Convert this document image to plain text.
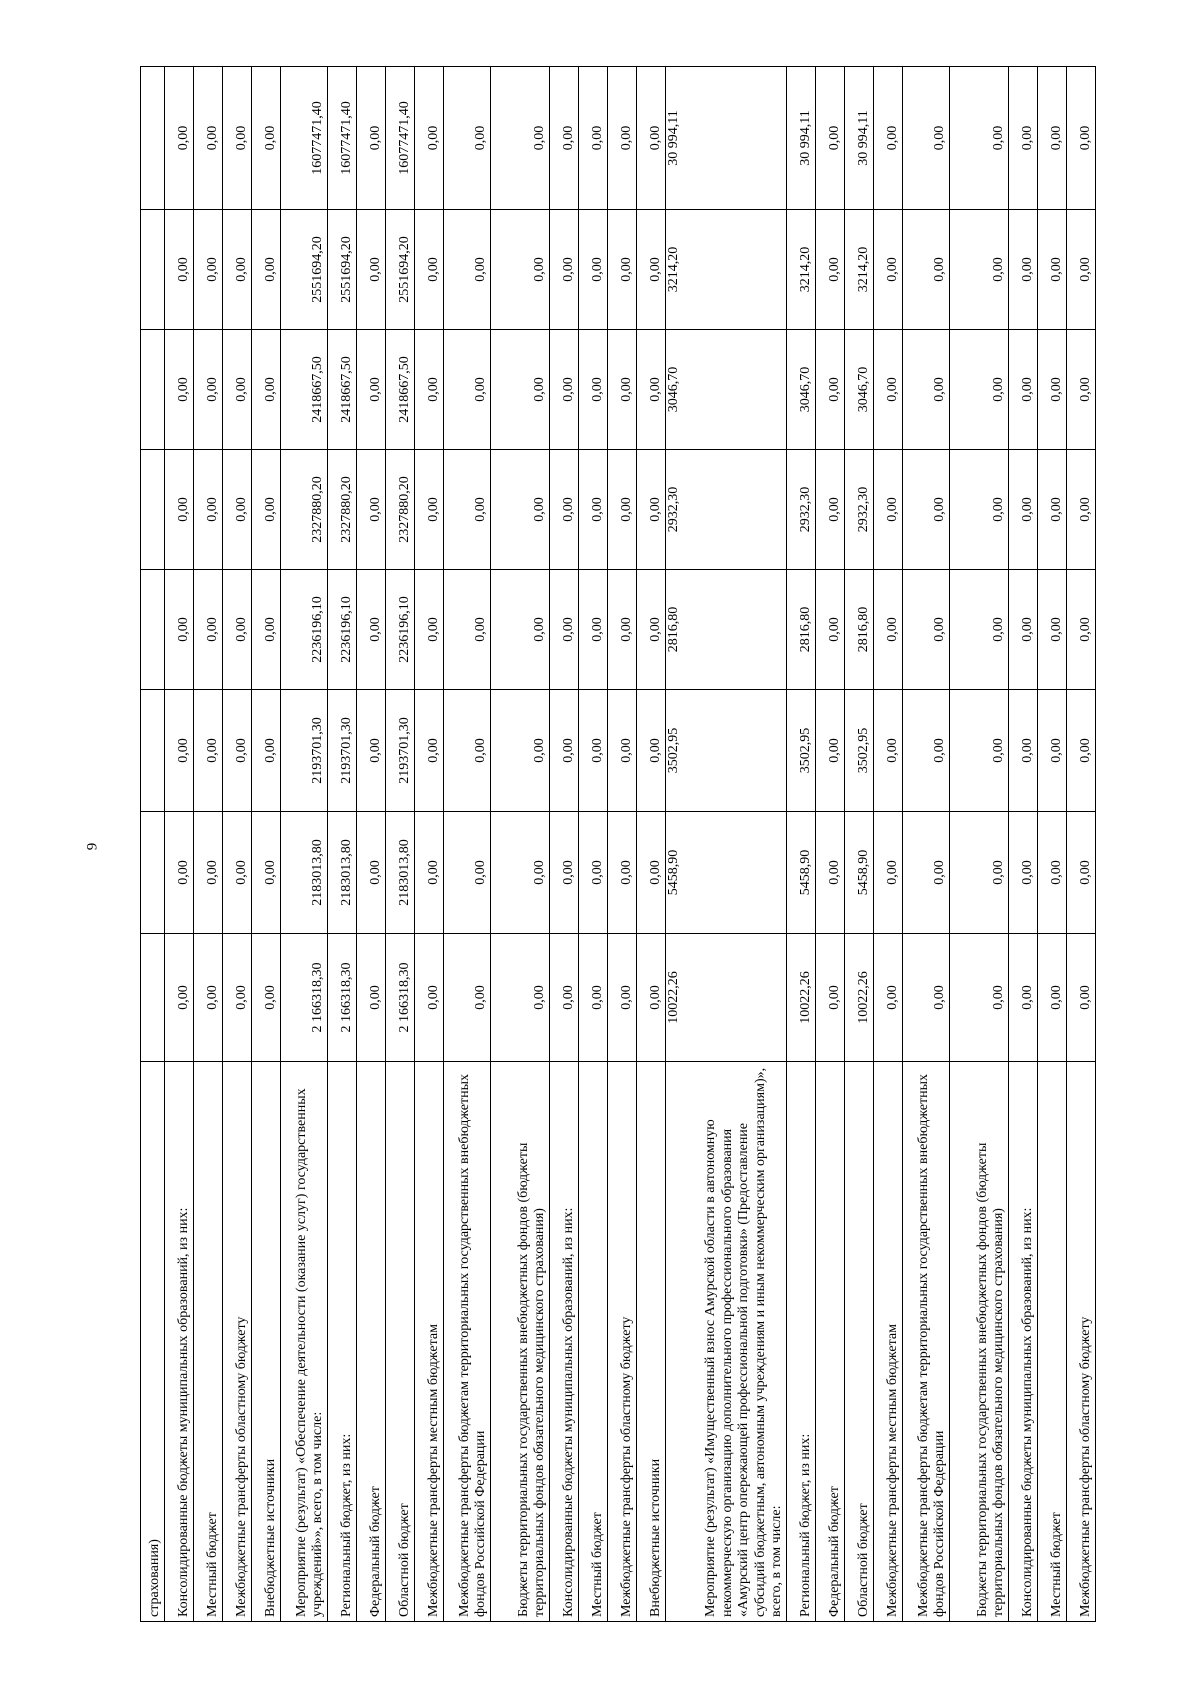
9
страхования)								
Консолидированные бюджеты муниципальных образований, из них:	0,00	0,00	0,00	0,00	0,00	0,00	0,00	0,00
Местный бюджет	0,00	0,00	0,00	0,00	0,00	0,00	0,00	0,00
Межбюджетные трансферты областному бюджету	0,00	0,00	0,00	0,00	0,00	0,00	0,00	0,00
Внебюджетные источники	0,00	0,00	0,00	0,00	0,00	0,00	0,00	0,00
Мероприятие (результат) «Обеспечение деятельности (оказание услуг) государственных учреждений»», всего, в том числе:	2 166318,30	2183013,80	2193701,30	2236196,10	2327880,20	2418667,50	2551694,20	16077471,40
Региональный бюджет, из них:	2 166318,30	2183013,80	2193701,30	2236196,10	2327880,20	2418667,50	2551694,20	16077471,40
Федеральный бюджет	0,00	0,00	0,00	0,00	0,00	0,00	0,00	0,00
Областной бюджет	2 166318,30	2183013,80	2193701,30	2236196,10	2327880,20	2418667,50	2551694,20	16077471,40
Межбюджетные трансферты местным бюджетам	0,00	0,00	0,00	0,00	0,00	0,00	0,00	0,00
Межбюджетные трансферты бюджетам территориальных государственных внебюджетных фондов Российской Федерации	0,00	0,00	0,00	0,00	0,00	0,00	0,00	0,00
Бюджеты территориальных государственных внебюджетных фондов (бюджеты территориальных фондов обязательного медицинского страхования)	0,00	0,00	0,00	0,00	0,00	0,00	0,00	0,00
Консолидированные бюджеты муниципальных образований, из них:	0,00	0,00	0,00	0,00	0,00	0,00	0,00	0,00
Местный бюджет	0,00	0,00	0,00	0,00	0,00	0,00	0,00	0,00
Межбюджетные трансферты областному бюджету	0,00	0,00	0,00	0,00	0,00	0,00	0,00	0,00
Внебюджетные источники	0,00	0,00	0,00	0,00	0,00	0,00	0,00	0,00
Мероприятие (результат) «Имущественный взнос Амурской области в автономную некоммерческую организацию дополнительного профессионального образования «Амурский центр опережающей профессиональной подготовки» (Предоставление субсидий бюджетным, автономным учреждениям и иным некоммерческим организациям)», всего, в том числе:	10022,26	5458,90	3502,95	2816,80	2932,30	3046,70	3214,20	30 994,11
Региональный бюджет, из них:	10022,26	5458,90	3502,95	2816,80	2932,30	3046,70	3214,20	30 994,11
Федеральный бюджет	0,00	0,00	0,00	0,00	0,00	0,00	0,00	0,00
Областной бюджет	10022,26	5458,90	3502,95	2816,80	2932,30	3046,70	3214,20	30 994,11
Межбюджетные трансферты местным бюджетам	0,00	0,00	0,00	0,00	0,00	0,00	0,00	0,00
Межбюджетные трансферты бюджетам территориальных государственных внебюджетных фондов Российской Федерации	0,00	0,00	0,00	0,00	0,00	0,00	0,00	0,00
Бюджеты территориальных государственных внебюджетных фондов (бюджеты территориальных фондов обязательного медицинского страхования)	0,00	0,00	0,00	0,00	0,00	0,00	0,00	0,00
Консолидированные бюджеты муниципальных образований, из них:	0,00	0,00	0,00	0,00	0,00	0,00	0,00	0,00
Местный бюджет	0,00	0,00	0,00	0,00	0,00	0,00	0,00	0,00
Межбюджетные трансферты областному бюджету	0,00	0,00	0,00	0,00	0,00	0,00	0,00	0,00
